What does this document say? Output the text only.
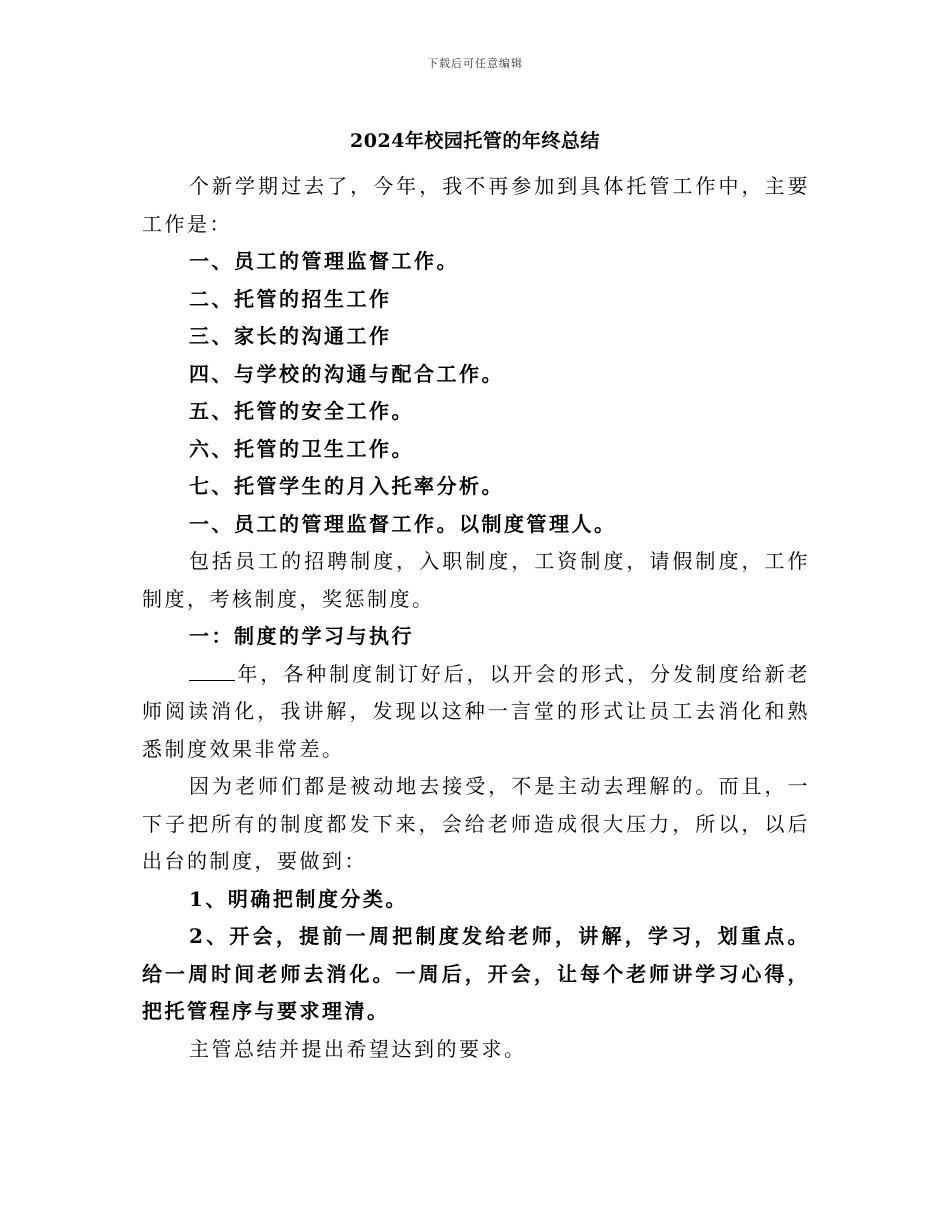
下载后可任意编辑
2024年校园托管的年终总结

个新学期过去了，今年，我不再参加到具体托管工作中，主要工作是：

一、员工的管理监督工作。

二、托管的招生工作

三、家长的沟通工作

四、与学校的沟通与配合工作。

五、托管的安全工作。

六、托管的卫生工作。

七、托管学生的月入托率分析。

一、员工的管理监督工作。以制度管理人。

包括员工的招聘制度，入职制度，工资制度，请假制度，工作制度，考核制度，奖惩制度。

一：制度的学习与执行

年，各种制度制订好后，以开会的形式，分发制度给新老师阅读消化，我讲解，发现以这种一言堂的形式让员工去消化和熟悉制度效果非常差。

因为老师们都是被动地去接受，不是主动去理解的。而且，一下子把所有的制度都发下来，会给老师造成很大压力，所以，以后出台的制度，要做到：

1、明确把制度分类。

2、开会，提前一周把制度发给老师，讲解，学习，划重点。给一周时间老师去消化。一周后，开会，让每个老师讲学习心得，把托管程序与要求理清。

主管总结并提出希望达到的要求。
